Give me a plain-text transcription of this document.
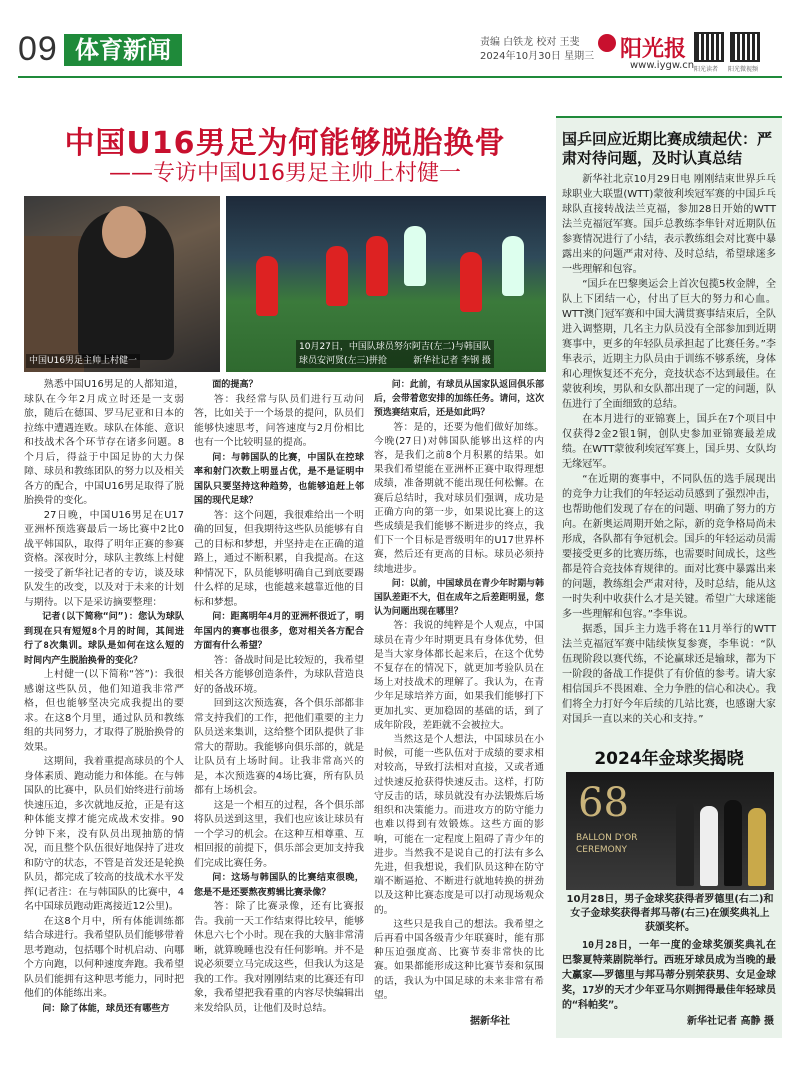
09 体育新闻	责编 白铁龙 校对 王斐
2024年10月30日 星期三 阳光报
www.iygw.cn 阳光读者 阳光微视频
中国U16男足为何能够脱胎换骨
——专访中国U16男足主帅上村健一
中国U16男足主帅上村健一
10月27日，中国队球员努尔阿吉(左二)与韩国队
球员安河贤(左三)拼抢	新华社记者 李钢 摄

熟悉中国U16男足的人都知道，球队在今年2月成立时还是一支弱旅，随后在德国、罗马尼亚和日本的拉练中遭遇连败。球队在体能、意识和技战术各个环节存在诸多问题。8个月后，得益于中国足协的大力保障、球员和教练团队的努力以及相关各方的配合，中国U16男足取得了脱胎换骨的变化。

27日晚，中国U16男足在U17亚洲杯预选赛最后一场比赛中2比0战平韩国队，取得了明年正赛的参赛资格。深夜时分，球队主教练上村健一接受了新华社记者的专访，谈及球队发生的改变，以及对于未来的计划与期待。以下是采访摘要整理：

记者(以下简称“问”)：您认为球队到现在只有短短8个月的时间，其间进行了8次集训。球队是如何在这么短的时间内产生脱胎换骨的变化？

上村健一(以下简称“答”)：我很感谢这些队员，他们知道我非常严格，但也能够坚决完成我提出的要求。在这8个月里，通过队员和教练组的共同努力，才取得了脱胎换骨的效果。

这期间，我着重提高球员的个人身体素质、跑动能力和体能。在与韩国队的比赛中，队员们始终进行前场快速压迫，多次就地反抢，正是有这种体能支撑才能完成战术安排。90分钟下来，没有队员出现抽筋的情况，而且整个队伍很好地保持了进攻和防守的状态，不管是首发还是轮换队员，都完成了较高的技战术水平发挥(记者注：在与韩国队的比赛中，4名中国球员跑动距离接近12公里)。

在这8个月中，所有体能训练都结合球进行。我希望队员们能够带着思考跑动，包括哪个时机启动、向哪个方向跑，以何种速度奔跑。我希望队员们能拥有这种思考能力，同时把他们的体能练出来。

问：除了体能，球员还有哪些方

面的提高？

答：我经常与队员们进行互动问答，比如关于一个场景的提问，队员们能够快速思考，问答速度与2月份相比也有一个比较明显的提高。

问：与韩国队的比赛，中国队在控球率和射门次数上明显占优，是不是证明中国队只要坚持这种趋势，也能够追赶上邻国的现代足球？

答：这个问题，我很难给出一个明确的回复，但我期待这些队员能够有自己的目标和梦想，并坚持走在正确的道路上，通过不断积累，自我提高。在这种情况下，队员能够明确自己到底要踢什么样的足球，也能越来越靠近他的目标和梦想。

问：距离明年4月的亚洲杯很近了，明年国内的赛事也很多，您对相关各方配合方面有什么希望？

答：备战时间是比较短的，我希望相关各方能够创造条件，为球队营造良好的备战环境。

回到这次预选赛，各个俱乐部都非常支持我们的工作，把他们重要的主力队员送来集训，这给整个团队提供了非常大的帮助。我能够向俱乐部的，就是让队员有上场时间。让我非常高兴的是，本次预选赛的4场比赛，所有队员都有上场机会。

这是一个相互的过程，各个俱乐部将队员送到这里，我们也应该让球员有一个学习的机会。在这种互相尊重、互相回报的前提下，俱乐部会更加支持我们完成比赛任务。

问：这场与韩国队的比赛结束很晚，您是不是还要熬夜剪辑比赛录像？

答：除了比赛录像，还有比赛报告。我前一天工作结束得比较早，能够休息六七个小时。现在我的大脑非常清晰，就算晚睡也没有任何影响。并不是说必须要立马完成这些，但我认为这是我的工作。我对刚刚结束的比赛还有印象，我希望把我看重的内容尽快编辑出来发给队员，让他们及时总结。

问：此前，有球员从国家队返回俱乐部后，会带着您安排的加练任务。请问，这次预选赛结束后，还是如此吗？

答：是的，还要为他们做好加练。今晚(27日)对韩国队能够出这样的内容，是我们之前8个月积累的结果。如果我们希望能在亚洲杯正赛中取得理想成绩，准备期就不能出现任何松懈。在赛后总结时，我对球员们强调，成功是正确方向的第一步，如果说比赛上的这些成绩是我们能够不断进步的终点，我们下一个目标是晋级明年的U17世界杯赛，然后还有更高的目标。球员必须持续地进步。

问：以前，中国球员在青少年时期与韩国队差距不大，但在成年之后差距明显，您认为问题出现在哪里？

答：我说的纯粹是个人观点，中国球员在青少年时期更具有身体优势，但是当大家身体都长起来后，在这个优势不复存在的情况下，就更加考验队员在场上对技战术的理解了。我认为，在青少年足球培养方面，如果我们能够打下更加扎实、更加稳固的基础的话，到了成年阶段，差距就不会被拉大。

当然这是个人想法，中国球员在小时候，可能一些队伍对于成绩的要求相对较高，导致打法相对直接，又或者通过快速反抢获得快速反击。这样，打防守反击的话，球员就没有办法锻炼后场组织和决策能力。而进攻方的防守能力也难以得到有效锻炼。这些方面的影响，可能在一定程度上阻碍了青少年的进步。当然我不是说自己的打法有多么先进，但我想说，我们队员这种在防守端不断逼抢、不断进行就地转换的拼劲以及这种比赛态度是可以打动现场观众的。

这些只是我自己的想法。我希望之后再看中国各级青少年联赛时，能有那种压迫强度高、比赛节奏非常快的比赛。如果都能形成这种比赛节奏和氛围的话，我认为中国足球的未来非常有希望。

据新华社
国乒回应近期比赛成绩起伏：严肃对待问题，及时认真总结

新华社北京10月29日电 刚刚结束世界乒乓球职业大联盟(WTT)蒙彼利埃冠军赛的中国乒乓球队直接转战法兰克福，参加28日开始的WTT法兰克福冠军赛。国乒总教练李隼针对近期队伍参赛情况进行了小结，表示教练组会对比赛中暴露出来的问题严肃对待、及时总结，希望球迷多一些理解和包容。

“国乒在巴黎奥运会上首次包揽5枚金牌，全队上下团结一心，付出了巨大的努力和心血。WTT澳门冠军赛和中国大满贯赛事结束后，全队进入调整期，几名主力队员没有全部参加到近期赛事中，更多的年轻队员承担起了比赛任务。”李隼表示，近期主力队员由于训练不够系统，身体和心理恢复还不充分，竞技状态不达到最佳。在蒙彼利埃，男队和女队都出现了一定的问题，队伍进行了全面细致的总结。

在本月进行的亚锦赛上，国乒在7个项目中仅获得2金2银1铜，创队史参加亚锦赛最差成绩。在WTT蒙彼利埃冠军赛上，国乒男、女队均无缘冠军。

“在近期的赛事中，不同队伍的选手展现出的竞争力让我们的年轻运动员感到了强烈冲击，也帮助他们发现了存在的问题、明确了努力的方向。在新奥运周期开始之际，新的竞争格局尚未形成，各队都有争冠机会。国乒的年轻运动员需要接受更多的比赛历练，也需要时间成长，这些都是符合竞技体育规律的。面对比赛中暴露出来的问题，教练组会严肃对待，及时总结，能从这一时失利中收获什么才是关键。希望广大球迷能多一些理解和包容。”李隼说。

据悉，国乒主力选手将在11月举行的WTT法兰克福冠军赛中陆续恢复参赛，李隼说：“队伍现阶段以赛代练，不论赢球还是输球，都为下一阶段的备战工作提供了有价值的参考。请大家相信国乒不畏困难、全力争胜的信心和决心。我们将全力打好今年后续的几站比赛，也感谢大家对国乒一直以来的关心和支持。”

2024年金球奖揭晓
68
BALLON D'OR CEREMONY
10月28日，男子金球奖获得者罗德里(右二)和女子金球奖获得者邦马蒂(右三)在颁奖典礼上获颁奖杯。

10月28日，一年一度的金球奖颁奖典礼在巴黎夏特莱剧院举行。西班牙球员成为当晚的最大赢家——罗德里与邦马蒂分别荣获男、女足金球奖，17岁的天才少年亚马尔则拥得最佳年轻球员的“科帕奖”。

新华社记者 高静 摄
